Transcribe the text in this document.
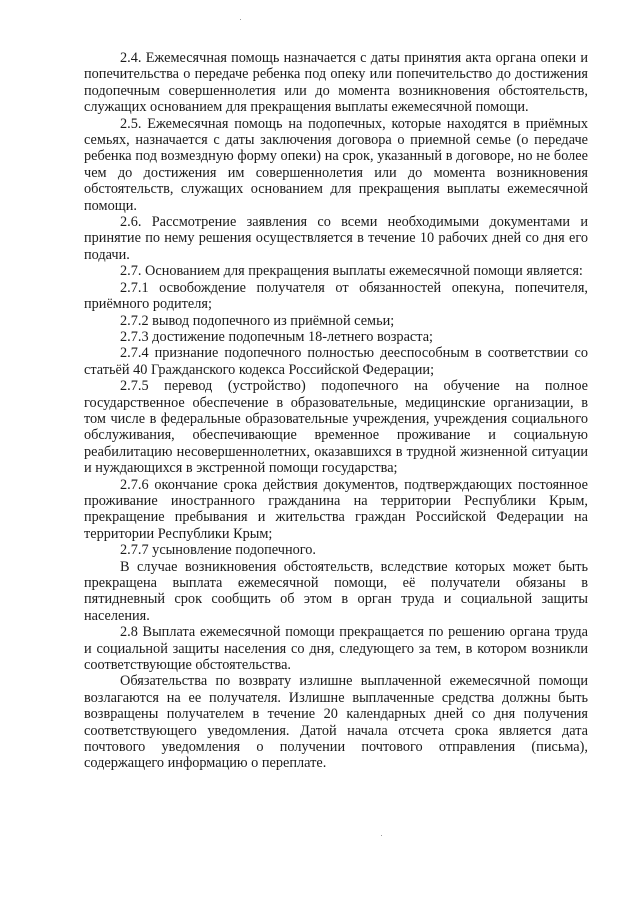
2.4. Ежемесячная помощь назначается с даты принятия акта органа опеки и попечительства о передаче ребенка под опеку или попечительство до достижения подопечным совершеннолетия или до момента возникновения обстоятельств, служащих основанием для прекращения выплаты ежемесячной помощи.

2.5. Ежемесячная помощь на подопечных, которые находятся в приёмных семьях, назначается с даты заключения договора о приемной семье (о передаче ребенка под возмездную форму опеки) на срок, указанный в договоре, но не более чем до достижения им совершеннолетия или до момента возникновения обстоятельств, служащих основанием для прекращения выплаты ежемесячной помощи.

2.6. Рассмотрение заявления со всеми необходимыми документами и принятие по нему решения осуществляется в течение 10 рабочих дней со дня его подачи.

2.7. Основанием для прекращения выплаты ежемесячной помощи является:

2.7.1 освобождение получателя от обязанностей опекуна, попечителя, приёмного родителя;

2.7.2 вывод подопечного из приёмной семьи;

2.7.3 достижение подопечным 18-летнего возраста;

2.7.4 признание подопечного полностью дееспособным в соответствии со статьёй 40 Гражданского кодекса Российской Федерации;

2.7.5 перевод (устройство) подопечного на обучение на полное государственное обеспечение в образовательные, медицинские организации, в том числе в федеральные образовательные учреждения, учреждения социального обслуживания, обеспечивающие временное проживание и социальную реабилитацию несовершеннолетних, оказавшихся в трудной жизненной ситуации и нуждающихся в экстренной помощи государства;

2.7.6 окончание срока действия документов, подтверждающих постоянное проживание иностранного гражданина на территории Республики Крым, прекращение пребывания и жительства граждан Российской Федерации на территории Республики Крым;

2.7.7 усыновление подопечного.

В случае возникновения обстоятельств, вследствие которых может быть прекращена выплата ежемесячной помощи, её получатели обязаны в пятидневный срок сообщить об этом в орган труда и социальной защиты населения.

2.8 Выплата ежемесячной помощи прекращается по решению органа труда и социальной защиты населения со дня, следующего за тем, в котором возникли соответствующие обстоятельства.

Обязательства по возврату излишне выплаченной ежемесячной помощи возлагаются на ее получателя. Излишне выплаченные средства должны быть возвращены получателем в течение 20 календарных дней со дня получения соответствующего уведомления. Датой начала отсчета срока является дата почтового уведомления о получении почтового отправления (письма), содержащего информацию о переплате.
